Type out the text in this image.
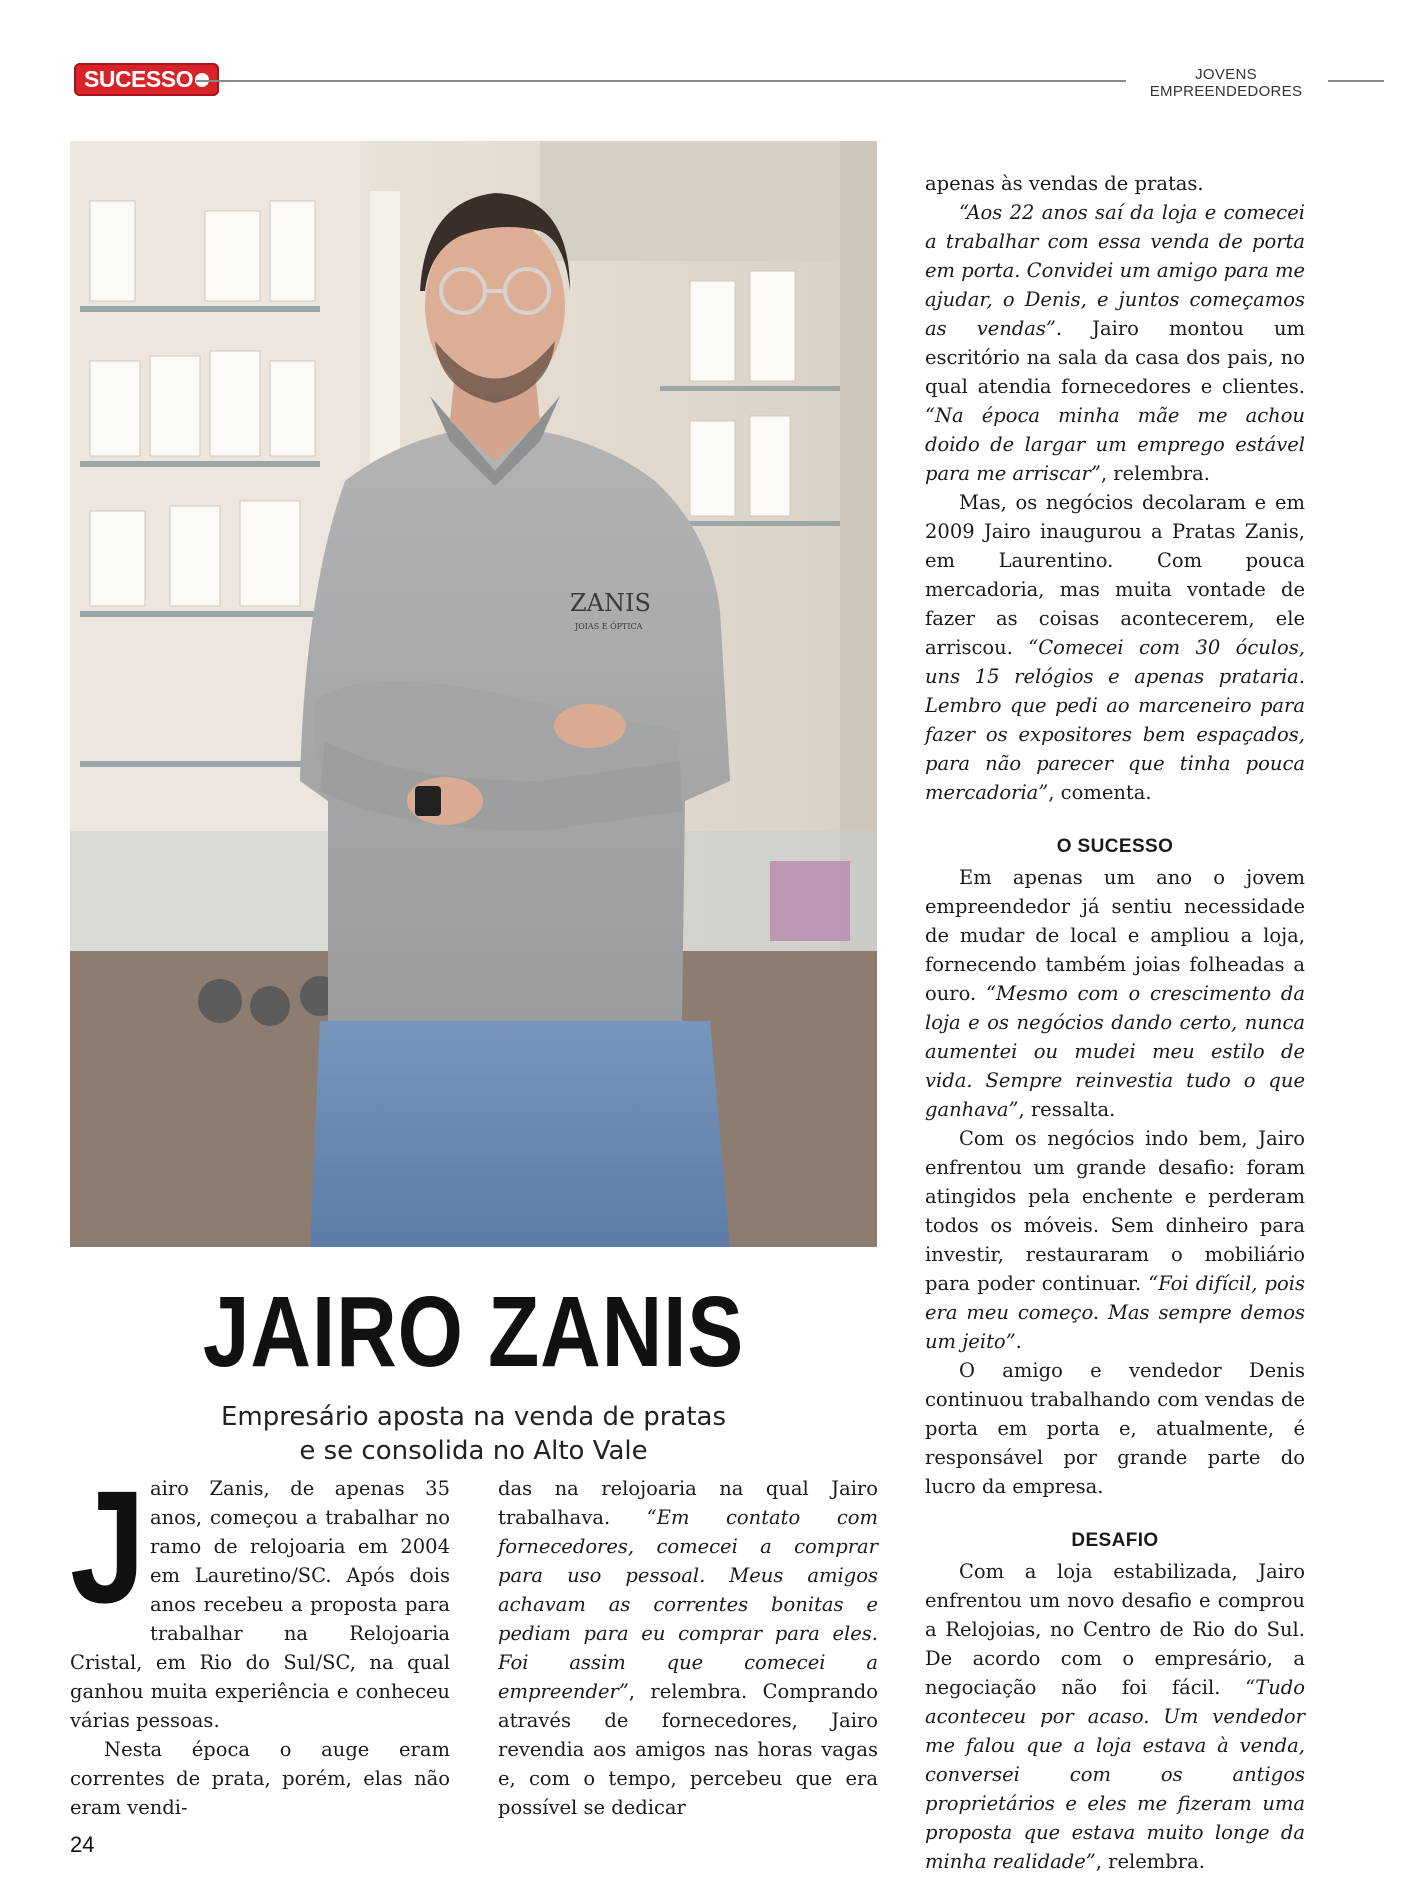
SUCESSO	JOVENS EMPREENDEDORES
ZANIS
JOIAS E ÓPTICA
JAIRO ZANIS
Empresário aposta na venda de pratas
e se consolida no Alto Vale
J airo Zanis, de apenas 35 anos, começou a trabalhar no ramo de relojoaria em 2004 em Lauretino/SC. Após dois anos recebeu a proposta para trabalhar na Relojoaria Cristal, em Rio do Sul/SC, na qual ganhou muita experiência e conheceu várias pessoas.

Nesta época o auge eram correntes de prata, porém, elas não eram vendi-

das na relojoaria na qual Jairo trabalhava. “Em contato com fornecedores, comecei a comprar para uso pessoal. Meus amigos achavam as correntes bonitas e pediam para eu comprar para eles. Foi assim que comecei a empreender”, relembra. Comprando através de fornecedores, Jairo revendia aos amigos nas horas vagas e, com o tempo, percebeu que era possível se dedicar

apenas às vendas de pratas.

“Aos 22 anos saí da loja e comecei a trabalhar com essa venda de porta em porta. Convidei um amigo para me ajudar, o Denis, e juntos começamos as vendas”. Jairo montou um escritório na sala da casa dos pais, no qual atendia fornecedores e clientes. “Na época minha mãe me achou doido de largar um emprego estável para me arriscar”, relembra.

Mas, os negócios decolaram e em 2009 Jairo inaugurou a Pratas Zanis, em Laurentino. Com pouca mercadoria, mas muita vontade de fazer as coisas acontecerem, ele arriscou. “Comecei com 30 óculos, uns 15 relógios e apenas prataria. Lembro que pedi ao marceneiro para fazer os expositores bem espaçados, para não parecer que tinha pouca mercadoria”, comenta.

O SUCESSO

Em apenas um ano o jovem empreendedor já sentiu necessidade de mudar de local e ampliou a loja, fornecendo também joias folheadas a ouro. “Mesmo com o crescimento da loja e os negócios dando certo, nunca aumentei ou mudei meu estilo de vida. Sempre reinvestia tudo o que ganhava”, ressalta.

Com os negócios indo bem, Jairo enfrentou um grande desafio: foram atingidos pela enchente e perderam todos os móveis. Sem dinheiro para investir, restauraram o mobiliário para poder continuar. “Foi difícil, pois era meu começo. Mas sempre demos um jeito”.

O amigo e vendedor Denis continuou trabalhando com vendas de porta em porta e, atualmente, é responsável por grande parte do lucro da empresa.

DESAFIO

Com a loja estabilizada, Jairo enfrentou um novo desafio e comprou a Relojoias, no Centro de Rio do Sul. De acordo com o empresário, a negociação não foi fácil. “Tudo aconteceu por acaso. Um vendedor me falou que a loja estava à venda, conversei com os antigos proprietários e eles me fizeram uma proposta que estava muito longe da minha realidade”, relembra.

24
